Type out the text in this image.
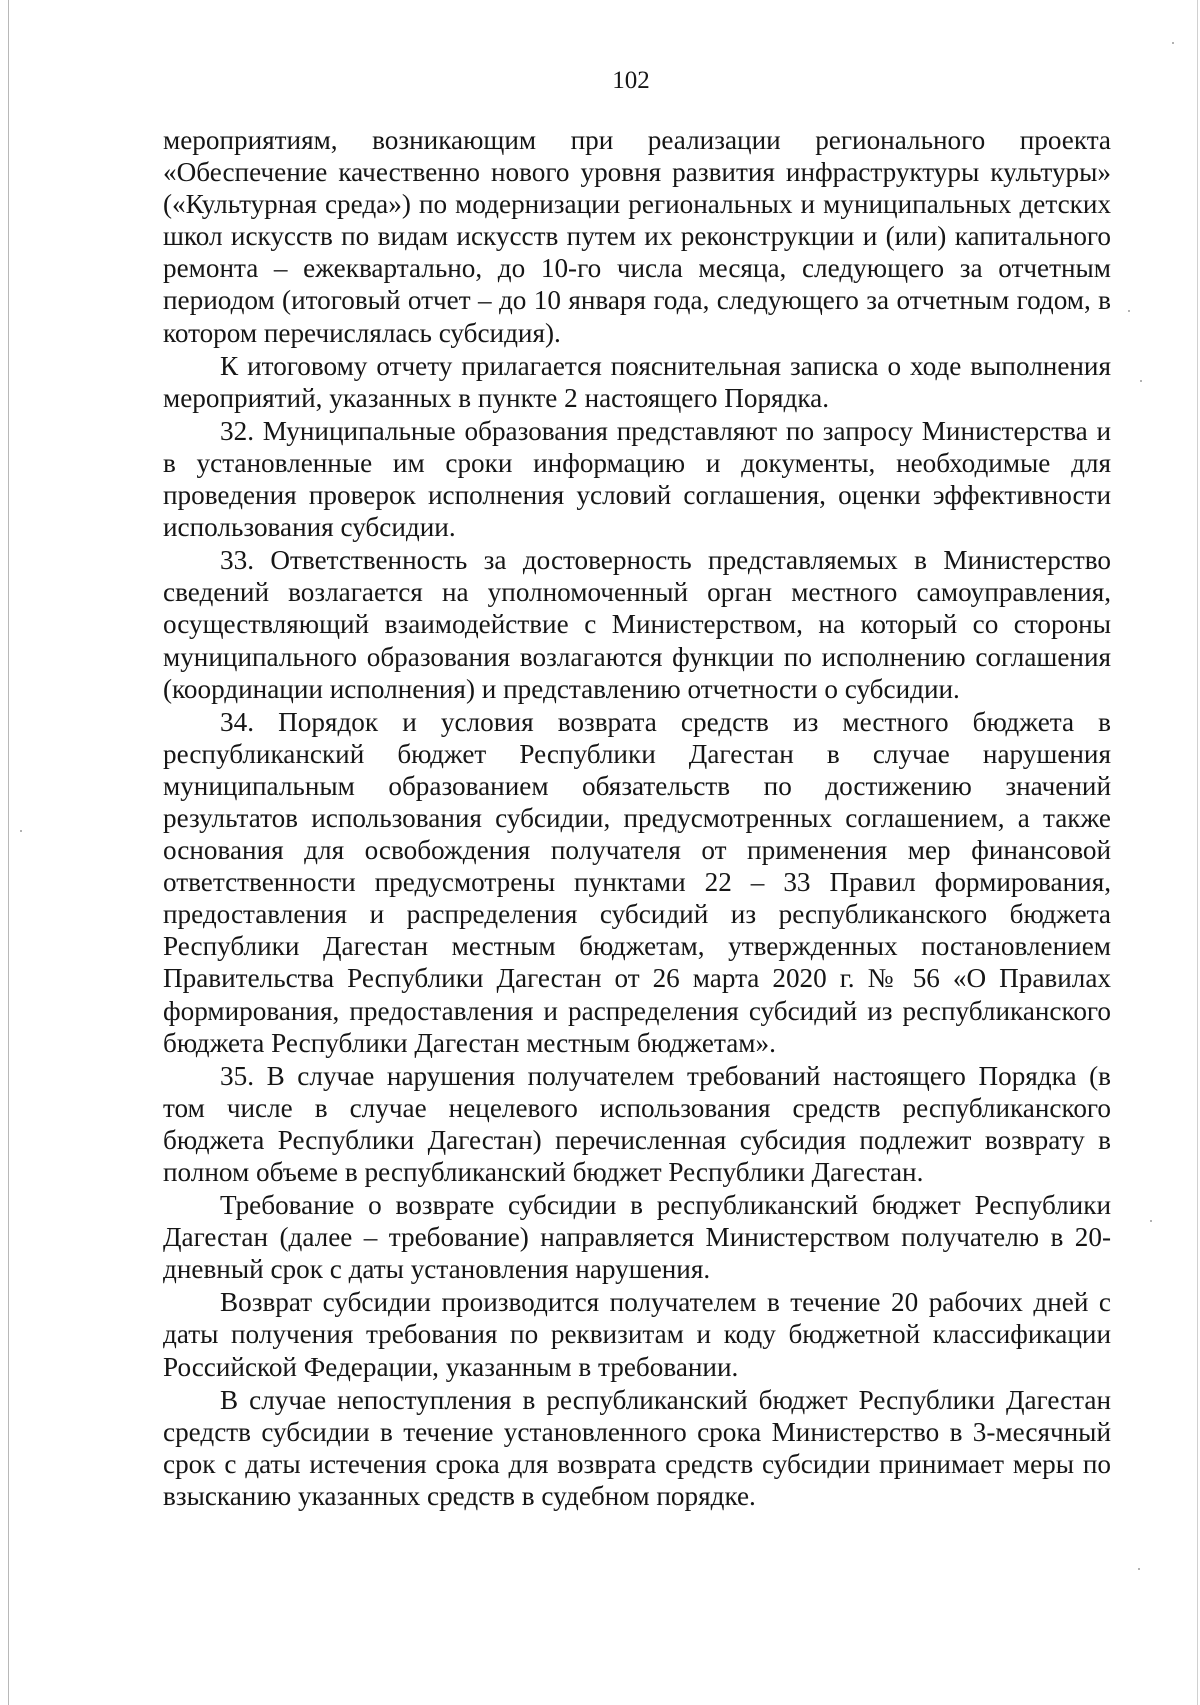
102

мероприятиям, возникающим при реализации регионального проекта «Обеспечение качественно нового уровня развития инфраструктуры культуры» («Культурная среда») по модернизации региональных и муниципальных детских школ искусств по видам искусств путем их реконструкции и (или) капитального ремонта – ежеквартально, до 10-го числа месяца, следующего за отчетным периодом (итоговый отчет – до 10 января года, следующего за отчетным годом, в котором перечислялась субсидия).

К итоговому отчету прилагается пояснительная записка о ходе выполнения мероприятий, указанных в пункте 2 настоящего Порядка.

32. Муниципальные образования представляют по запросу Министерства и в установленные им сроки информацию и документы, необходимые для проведения проверок исполнения условий соглашения, оценки эффективности использования субсидии.

33. Ответственность за достоверность представляемых в Министерство сведений возлагается на уполномоченный орган местного самоуправления, осуществляющий взаимодействие с Министерством, на который со стороны муниципального образования возлагаются функции по исполнению соглашения (координации исполнения) и представлению отчетности о субсидии.

34. Порядок и условия возврата средств из местного бюджета в республиканский бюджет Республики Дагестан в случае нарушения муниципальным образованием обязательств по достижению значений результатов использования субсидии, предусмотренных соглашением, а также основания для освобождения получателя от применения мер финансовой ответственности предусмотрены пунктами 22 – 33 Правил формирования, предоставления и распределения субсидий из республиканского бюджета Республики Дагестан местным бюджетам, утвержденных постановлением Правительства Республики Дагестан от 26 марта 2020 г. № 56 «О Правилах формирования, предоставления и распределения субсидий из республиканского бюджета Республики Дагестан местным бюджетам».

35. В случае нарушения получателем требований настоящего Порядка (в том числе в случае нецелевого использования средств республиканского бюджета Республики Дагестан) перечисленная субсидия подлежит возврату в полном объеме в республиканский бюджет Республики Дагестан.

Требование о возврате субсидии в республиканский бюджет Республики Дагестан (далее – требование) направляется Министерством получателю в 20-дневный срок с даты установления нарушения.

Возврат субсидии производится получателем в течение 20 рабочих дней с даты получения требования по реквизитам и коду бюджетной классификации Российской Федерации, указанным в требовании.

В случае непоступления в республиканский бюджет Республики Дагестан средств субсидии в течение установленного срока Министерство в 3-месячный срок с даты истечения срока для возврата средств субсидии принимает меры по взысканию указанных средств в судебном порядке.
